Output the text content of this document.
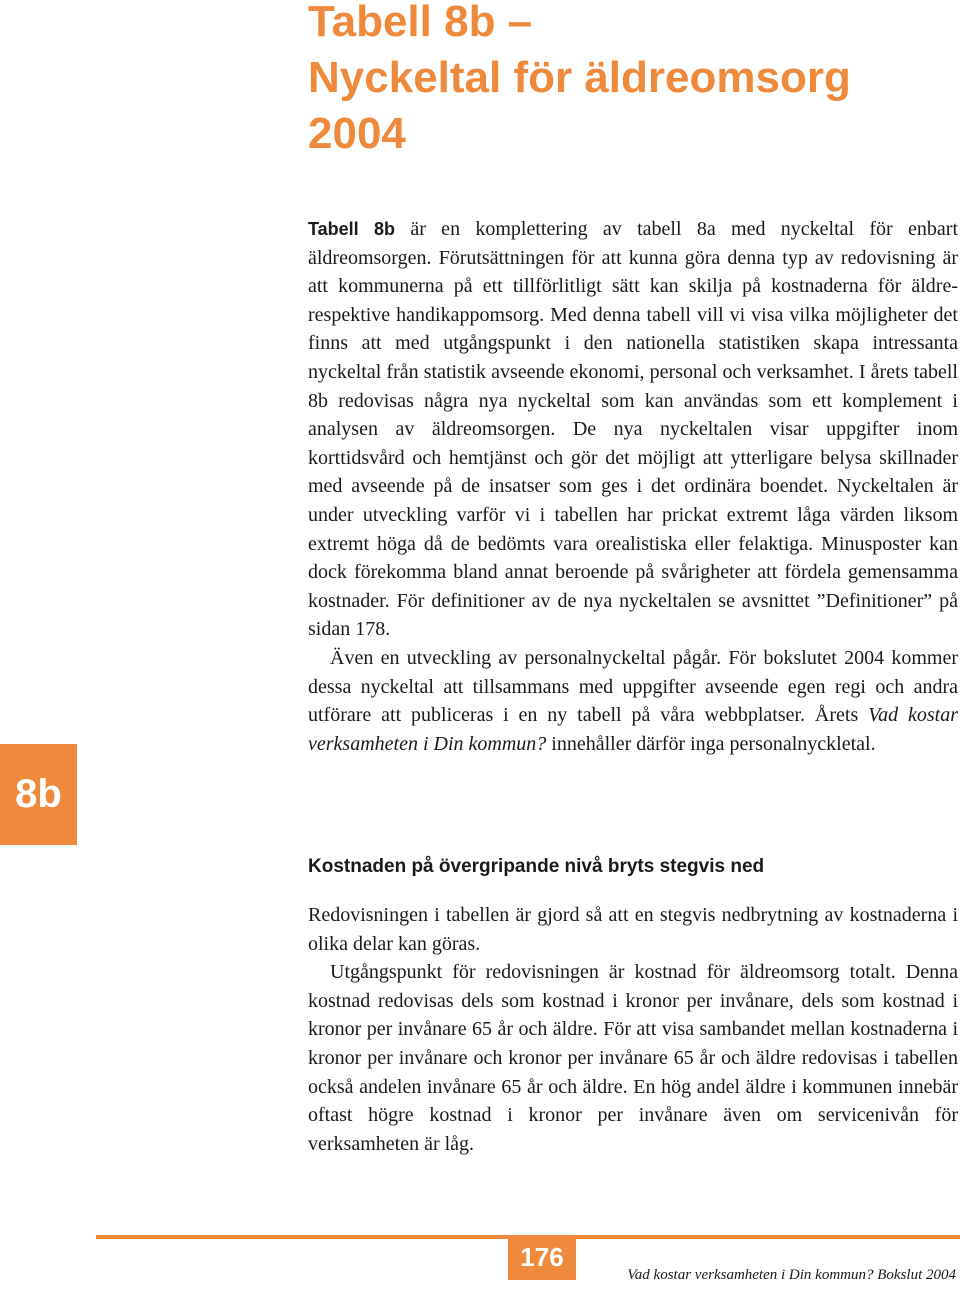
Tabell 8b –
Nyckeltal för äldreomsorg
2004

Tabell 8b är en komplettering av tabell 8a med nyckeltal för enbart äldreomsorgen. Förutsättningen för att kunna göra denna typ av redovisning är att kommunerna på ett tillförlitligt sätt kan skilja på kostnaderna för äldre- respektive handikappomsorg. Med denna tabell vill vi visa vilka möjligheter det finns att med utgångspunkt i den nationella statistiken skapa intressanta nyckeltal från statistik avseende ekonomi, personal och verksamhet. I årets tabell 8b redovisas några nya nyckeltal som kan användas som ett komplement i analysen av äldreomsorgen. De nya nyckeltalen visar uppgifter inom korttidsvård och hemtjänst och gör det möjligt att ytterligare belysa skillnader med avseende på de insatser som ges i det ordinära boendet. Nyckeltalen är under utveckling varför vi i tabellen har prickat extremt låga värden liksom extremt höga då de bedömts vara orealistiska eller felaktiga. Minusposter kan dock förekomma bland annat beroende på svårigheter att fördela gemensamma kostnader. För definitioner av de nya nyckeltalen se avsnittet ”Definitioner” på sidan 178.

Även en utveckling av personalnyckeltal pågår. För bokslutet 2004 kommer dessa nyckeltal att tillsammans med uppgifter avseende egen regi och andra utförare att publiceras i en ny tabell på våra webbplatser. Årets Vad kostar verksamheten i Din kommun? innehåller därför inga personalnyckletal.

8b
Kostnaden på övergripande nivå bryts stegvis ned

Redovisningen i tabellen är gjord så att en stegvis nedbrytning av kostnaderna i olika delar kan göras.

Utgångspunkt för redovisningen är kostnad för äldreomsorg totalt. Denna kostnad redovisas dels som kostnad i kronor per invånare, dels som kostnad i kronor per invånare 65 år och äldre. För att visa sambandet mellan kostnaderna i kronor per invånare och kronor per invånare 65 år och äldre redovisas i tabellen också andelen invånare 65 år och äldre. En hög andel äldre i kommunen innebär oftast högre kostnad i kronor per invånare även om servicenivån för verksamheten är låg.

176
Vad kostar verksamheten i Din kommun? Bokslut 2004
